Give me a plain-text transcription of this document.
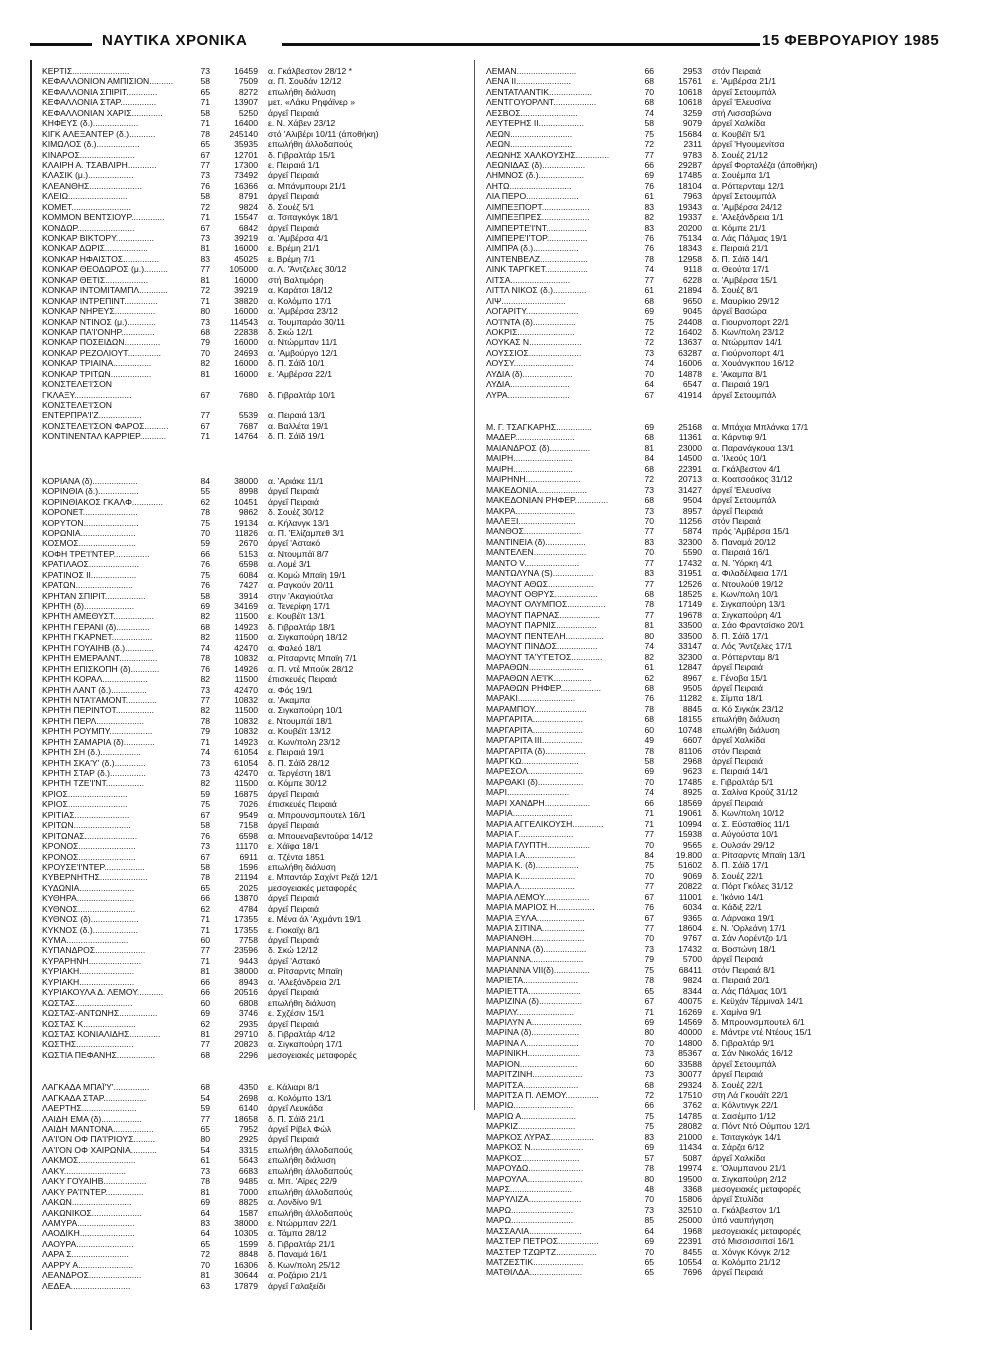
ΝΑΥΤΙΚΑ ΧΡΟΝΙΚΑ	15 ΦΕΒΡΟΥΑΡΙΟΥ 1985
ΚΕΡΤΙΣ........................	73	16459	α. Γκάλβεστον 28/12 *
ΚΕΦΑΛΛΟΝΙΟΝ ΑΜΠΙΣΙΟΝ..........	58	7509	α. Π. Σουδάν 12/12
ΚΕΦΑΛΛΟΝΙΑ ΣΠΙΡΙΤ.............	65	8272	επωλήθη διάλυση
ΚΕΦΑΛΛΟΝΙΑ ΣΤΑΡ...............	71	13907	μετ. «Λάκυ Ρηφάϊνερ »
ΚΕΦΑΛΛΟΝΙΑΝ ΧΑΡΙΣ.............	58	5250	άργεΐ Πειραιά
ΚΗΦΕΥΣ (δ.)...................	71	16400	ε. Ν. Χάβεν 23/12
ΚΙΓΚ ΑΛΕΞΑΝΤΕΡ (δ.)...........	78	245140	στό 'Αλιβέρι 10/11 (άποθήκη)
ΚΙΜΩΛΟΣ (δ.)..................	65	35935	επωλήθη άλλοδαπούς
ΚΙΝΑΡΟΣ.......................	67	12701	δ. Γιβραλτάρ 15/1
ΚΛΑΙΡΗ Α. ΤΣΑΒΛΙΡΗ............	77	17300	ε. Πειραιά 1/1
ΚΛΑΣΙΚ (μ.)...................	73	73492	άργεΐ Πειραιά
ΚΛΕΑΝΘΗΣ......................	76	16366	α. Μπάνμπουρι 21/1
ΚΛΕΙΩ.........................	58	8791	άργεΐ Πειραιά
ΚΟΜΕΤ.........................	72	9824	δ. Σουέζ 5/1
ΚΟΜΜΟΝ ΒΕΝΤΣΙΟΥΡ..............	71	15547	α. Τσιταγκόγκ 18/1
ΚΟΝΔΩΡ........................	67	6842	άργεΐ Πειραιά
ΚΟΝΚΑΡ ΒΙΚΤΟΡΥ................	73	39219	α. 'Αμβέρσα 4/1
ΚΟΝΚΑΡ ΔΩΡΙΣ..................	81	16000	ε. Βρέμη 21/1
ΚΟΝΚΑΡ ΗΦΑΙΣΤΟΣ...............	83	45025	ε. Βρέμη 7/1
ΚΟΝΚΑΡ ΘΕΟΔΩΡΟΣ (μ.)..........	77	105000	α. Λ. 'Άντζελες 30/12
ΚΟΝΚΑΡ ΘΕΤΙΣ..................	81	16000	στή Βαλτιμόρη
ΚΟΝΚΑΡ ΙΝΤΟΜΙΤΑΜΠΛ............	72	39219	α. Καράτσι 18/12
ΚΟΝΚΑΡ ΙΝΤΡΕΠΙΝΤ..............	71	38820	α. Κολόμπο 17/1
ΚΟΝΚΑΡ ΝΗΡΕΥΣ.................	80	16000	α. 'Αμβέρσα 23/12
ΚΟΝΚΑΡ ΝΤΙΝΟΣ (μ.)............	73	114543	α. Τουμπαράο 30/11
ΚΟΝΚΑΡ ΠΑ'Ι'ΟΝΗΡ..............	68	22838	δ. Σκώ 12/1
ΚΟΝΚΑΡ ΠΟΣΕΙΔΩΝ...............	79	16000	α. Ντώρμπαν 11/1
ΚΟΝΚΑΡ ΡΕΖΟΛΙΟΥΤ..............	70	24693	α. 'Αμβούργο 12/1
ΚΟΝΚΑΡ ΤΡΙΑΙΝΑ................	82	16000	δ. Π. Σάϊδ 10/1
ΚΟΝΚΑΡ ΤΡΙΤΩΝ.................	81	16000	ε. 'Αμβέρσα 22/1
ΚΟΝΣΤΕΛΕ'Ι'ΣΟΝ
ΓΚΛΑΞΥ........................	67	7680	δ. Γιβραλτάρ 10/1
ΚΟΝΣΤΕΛΕ'Ι'ΣΟΝ
ΕΝΤΕΡΠΡΑ'Ι'Ζ..................	77	5539	α. Πειραιά 13/1
ΚΟΝΣΤΕΛΕ'Ι'ΣΟΝ ΦΑΡΟΣ..........	67	7687	α. Βαλλέτα 19/1
ΚΟΝΤΙΝΕΝΤΑΛ ΚΑΡΡΙΕΡ...........	71	14764	δ. Π. Σάϊδ 19/1
ΚΟΡΙΑΝΑ (δ)...................	84	38000	α. 'Αριάκε 11/1
ΚΟΡΙΝΘΙΑ (δ.).................	55	8998	άργεΐ Πειραιά
ΚΟΡΙΝΘΙΑΚΟΣ ΓΚΑΛΦ.............	62	10451	άργεΐ Πειραιά
ΚΟΡΟΝΕΤ.......................	78	9862	δ. Σουέζ 30/12
ΚΟΡΥΤΟΝ.......................	75	19134	α. Κήλανγκ 13/1
ΚΟΡΩΝΙΑ.......................	70	11826	α. Π. 'Ελίζαμπεθ 3/1
ΚΟΣΜΟΣ........................	59	2670	άργεΐ 'Αστακό
ΚΟΦΗ ΤΡΕ'Ι'ΝΤΕΡ...............	66	5153	α. Ντουμπάϊ 8/7
ΚΡΑΤΙΛΑΟΣ.....................	76	6598	α. Λομέ 3/1
ΚΡΑΤΙΝΟΣ ΙΙ...................	75	6084	α. Κομώ Μπαϊη 19/1
ΚΡΑΤΩΝ........................	76	7427	α. Ραγκούν 20/11
ΚΡΗΤΑΝ ΣΠΙΡΙΤ.................	58	3914	στην 'Ακαγιούτλα
ΚΡΗΤΗ (δ).....................	69	34169	α. Τενερίφη 17/1
ΚΡΗΤΗ ΑΜΕΘΥΣΤ.................	82	11500	ε. Κουβέϊτ 13/1
ΚΡΗΤΗ ΓΕΡΑΝΙ (δ)..............	68	14923	δ. Γιβραλτάρ 18/1
ΚΡΗΤΗ ΓΚΑΡΝΕΤ.................	82	11500	α. Σιγκαπούρη 18/12
ΚΡΗΤΗ ΓΟΥΑΙΗΒ (δ.)............	74	42470	α. Φαλεό 18/1
ΚΡΗΤΗ ΕΜΕΡΑΛΝΤ................	78	10832	α. Ρίτσαρντς Μπαϊη 7/1
ΚΡΗΤΗ ΕΠΙΣΚΟΠΗ (δ)............	76	14926	α. Π. ντέ Μπούκ 28/12
ΚΡΗΤΗ ΚΟΡΑΛ...................	82	11500	έπισκευές Πειραιά
ΚΡΗΤΗ ΛΑΝΤ (δ.)...............	73	42470	α. Φός 19/1
ΚΡΗΤΗ ΝΤΑ'Ι'ΑΜΟΝΤ.............	77	10832	α. 'Ακαμπα
ΚΡΗΤΗ ΠΕΡΙΝΤΟΤ................	82	11500	α. Σιγκαπούρη 10/1
ΚΡΗΤΗ ΠΕΡΛ....................	78	10832	ε. Ντουμπάϊ 18/1
ΚΡΗΤΗ ΡΟΥΜΠΥ..................	79	10832	α. Κουβέϊτ 13/12
ΚΡΗΤΗ ΣΑΜΑΡΙΑ (δ).............	71	14923	α. Κων/πολη 23/12
ΚΡΗΤΗ ΣΗ (δ.).................	74	61054	ε. Πειραιά 19/1
ΚΡΗΤΗ ΣΚΑ'Υ' (δ.).............	73	61054	δ. Π. Σάϊδ 28/12
ΚΡΗΤΗ ΣΤΑΡ (δ.)...............	73	42470	α. Τεργέστη 18/1
ΚΡΗΤΗ ΤΖΕ'Ι'ΝΤ................	82	11500	α. Κόμπε 30/12
ΚΡΙΟΣ.........................	59	16875	άργεΐ Πειραιά
ΚΡΙΟΣ.........................	75	7026	έπισκευές Πειραιά
ΚΡΙΤΙΑΣ.......................	67	9549	α. Μπρουνσμπουτελ 16/1
ΚΡΙΤΩΝ........................	58	7158	άργεΐ Πειραιά
ΚΡΙΤΩΝΑΣ......................	76	6598	α. Μπουεναβεντούρα 14/12
ΚΡΟΝΟΣ........................	73	11170	ε. Χάϊφα 18/1
ΚΡΟΝΟΣ........................	67	6911	α. Τζέντα 1851
ΚΡΟΥΣΕ'Ι'ΝΤΕΡ.................	58	1596	επωλήθη διάλυση
ΚΥΒΕΡΝΗΤΗΣ....................	78	21194	ε. Μπαντάρ Σαχίντ Ρεζά 12/1
ΚΥΔΩΝΙΑ.......................	65	2025	μεσογειακές μεταφορές
ΚΥΘΗΡΑ........................	66	13870	άργεΐ Πειραιά
ΚΥΘΝΟΣ........................	62	4784	άργεΐ Πειραιά
ΚΥΘΝΟΣ (δ)....................	71	17355	ε. Μένα άλ 'Αχμάντι 19/1
ΚΥΚΝΟΣ (δ.)...................	71	17355	ε. Γιοκαϊχι 8/1
ΚΥΜΑ..........................	60	7758	άργεΐ Πειραιά
ΚΥΠΑΝΔΡΟΣ.....................	77	23596	δ. Σκώ 12/12
ΚΥΡΑΡΗΝΗ......................	71	9443	άργεΐ 'Αστακό
ΚΥΡΙΑΚΗ.......................	81	38000	α. Ρίτσαρντς Μπαϊη
ΚΥΡΙΑΚΗ.......................	66	8943	α. 'Αλεξάνδρεια 2/1
ΚΥΡΙΑΚΟΥΛΑ Δ. ΛΕΜΟΥ...........	66	20516	άργεΐ Πειραιά
ΚΩΣΤΑΣ........................	60	6808	επωλήθη διάλυση
ΚΩΣΤΑΣ-ΑΝΤΩΝΗΣ................	69	3746	ε. Σχζέσιν 15/1
ΚΩΣΤΑΣ Κ......................	62	2935	άργεΐ Πειραιά
ΚΩΣΤΑΣ ΚΟΝΙΑΛΙΔΗΣ.............	81	29710	δ. Γιβραλτάρ 4/12
ΚΩΣΤΗΣ........................	77	20823	α. Σιγκαπούρη 17/1
ΚΩΣΤΙΑ ΠΕΦΑΝΗΣ................	68	2296	μεσογειακές μεταφορές
ΛΑΓΚΑΔΑ ΜΠΑΪ'Υ'...............	68	4350	ε. Κάλιαρι 8/1
ΛΑΓΚΑΔΑ ΣΤΑΡ..................	54	2698	α. Κολόμπο 13/1
ΛΑΕΡΤΗΣ.......................	59	6140	άργεΐ Λευκάδα
ΛΑΙΔΗ ΕΜΑ (δ).................	77	18658	δ. Π. Σάϊδ 21/1
ΛΑΙΔΗ ΜΑΝΤΟΝΑ.................	65	7952	άργεΐ Ρίβελ Φώλ
ΛΑ'Ι'ΟΝ ΟΦ ΠΑ'Ι'ΡΙΟΥΣ.........	80	2925	άργεΐ Πειραιά
ΛΑ'Ι'ΟΝ ΟΦ ΧΑΙΡΩΝΙΑ...........	54	3315	επωλήθη άλλοδαπούς
ΛΑΚΜΟΣ........................	61	5643	επωλήθη διάλυση
ΛΑΚΥ..........................	73	6683	επωλήθη άλλοδαπούς
ΛΑΚΥ ΓΟΥΑΙΗΒ..................	78	9485	α. Μπ. 'Αϊρες 22/9
ΛΑΚΥ ΡΑ'Ι'ΝΤΕΡ................	81	7000	επωλήθη άλλοδαπούς
ΛΑΚΩΝ.........................	69	8825	α. Λονδίνο 9/1
ΛΑΚΩΝΙΚΟΣ.....................	64	1587	επωλήθη άλλοδαπούς
ΛΑΜΥΡΑ........................	83	38000	ε. Ντώρμπαν 22/1
ΛΑΟΔΙΚΗ.......................	64	10305	α. Τάμπα 28/12
ΛΑΟΥΡΑ........................	65	1599	δ. Γιβραλτάρ 21/1
ΛΑΡΑ Σ........................	72	8848	δ. Παναμά 16/1
ΛΑΡΡΥ Α.......................	70	16306	δ. Κων/πολη 25/12
ΛΕΑΝΔΡΟΣ......................	81	30644	α. Ροζάριο 21/1
ΛΕΔΕΑ.........................	63	17879	άργεΐ Γαλαξείδι
ΛΕΜΑΝ.........................	66	2953	στόν Πειραιά
ΛΕΝΑ ΙΙ.......................	68	15761	ε. 'Αμβέρσα 21/1
ΛΕΝΤΑΤΛΑΝΤΙΚ..................	70	10618	άργεΐ Σετουμπάλ
ΛΕΝΤΓΟΥΟΡΛΝΤ..................	68	10618	άργεΐ 'Ελευσίνα
ΛΕΣΒΟΣ........................	74	3259	στή Λισσαβώνα
ΛΕΥΤΕΡΗΣ ΙΙ...................	58	9079	άργεΐ Χαλκίδα
ΛΕΩΝ..........................	75	15684	α. Κουβέϊτ 5/1
ΛΕΩΝ..........................	72	2311	άργεΐ 'Ηγουμενίτσα
ΛΕΩΝΗΣ ΧΑΛΚΟΥΣΗΣ..............	77	9783	δ. Σουέζ 21/12
ΛΕΩΝΙΔΑΣ (δ)..................	66	29287	άργεΐ Φορταλέζα (άποθήκη)
ΛΗΜΝΟΣ (δ.)...................	69	17485	α. Σουέμπα 1/1
ΛΗΤΩ..........................	76	18104	α. Ρόττερνταμ 12/1
ΛΙΑ ΠΕΡΟ......................	61	7963	άργεΐ Σετουμπάλ
ΛΙΜΠΕΞΠΟΡΤ....................	83	19343	α. 'Αμβέρσα 24/12
ΛΙΜΠΕΞΠΡΕΣ....................	82	19337	ε. 'Αλεξάνδρεια 1/1
ΛΙΜΠΕΡΤΕ'Ι'ΝΤ.................	83	20200	α. Κόμπε 21/1
ΛΙΜΠΕΡΕ'Ι'ΤΟΡ.................	76	75134	α. Λάς Πάλμας 19/1
ΛΙΜΠΡΑ (δ.)...................	76	18343	ε. Πειραιά 21/1
ΛΙΝΤΕΝΒΕΛΖ....................	78	12958	δ. Π. Σάϊδ 14/1
ΛΙΝΚ ΤΑΡΓΚΕΤ..................	74	9118	α. Θεούτα 17/1
ΛΙΤΣΑ.........................	77	6228	α. 'Αμβέρσα 15/1
ΛΙΤΤΛ ΝΙΚΟΣ (δ.)..............	61	21894	δ. Σουέζ 8/1
ΛΙΨ...........................	68	9650	ε. Μαυρίκιο 29/12
ΛΟΓΑΡΙΤΥ......................	69	9045	άργεΐ Βασώρα
ΛΟ'Ι'ΝΤΑ (δ)..................	75	24408	α. Γιουρνοπορτ 22/1
ΛΟΚΡΙΣ........................	72	16402	δ. Κων/πολη 23/12
ΛΟΥΚΑΣ Ν......................	72	13637	α. Ντώρμπαν 14/1
ΛΟΥΣΣΙΟΣ......................	73	63287	α. Γιούρνοπορτ 4/1
ΛΟΥΣΥ.........................	74	16006	α. Χουάνγκπου 16/12
ΛΥΔΙΑ (δ).....................	70	14878	ε. 'Ακαμπα 8/1
ΛΥΔΙΑ.........................	64	6547	α. Πειραιά 19/1
ΛΥΡΑ..........................	67	41914	άργεΐ Σετουμπάλ
Μ. Γ. ΤΣΑΓΚΑΡΗΣ...............	69	25168	α. Μπάχια Μπλάνκα 17/1
ΜΑΔΕΡ.........................	68	11361	α. Κάρντιφ 9/1
ΜΑΙΑΝΔΡΟΣ (δ).................	81	23000	α. Παρανάγκουα 13/1
ΜΑΙΡΗ.........................	84	14500	α. 'Ιλεούς 10/1
ΜΑΙΡΗ.........................	68	22391	α. Γκάλβεστον 4/1
ΜΑΙΡΗΝΗ.......................	72	20713	α. Κοατσοάκος 31/12
ΜΑΚΕΔΟΝΙΑ.....................	73	31427	άργεΐ 'Ελευσίνα
ΜΑΚΕΔΟΝΙΑΝ ΡΗΦΕΡ..............	68	9504	άργεΐ Σετουμπάλ
ΜΑΚΡΑ.........................	73	8957	άργεΐ Πειραιά
ΜΑΛΕΞΙ........................	70	11256	στόν Πειραιά
ΜΑΝΘΟΣ........................	77	5874	πρός 'Αμβέρσα 15/1
ΜΑΝΤΙΝΕΙΑ (δ).................	83	32300	δ. Παναμά 20/12
ΜΑΝΤΕΛΕΝ......................	70	5590	α. Πειραιά 16/1
ΜΑΝΤΟ V.......................	77	17432	α. Ν. 'Υόρκη 4/1
ΜΑΝΤΩΛΥΝΑ (S).................	83	31951	α. Φιλαδέλφεια 17/1
ΜΑΟΥΝΤ ΑΘΩΣ...................	77	12526	α. Ντουλούθ 19/12
ΜΑΟΥΝΤ ΟΘΡΥΣ..................	68	18525	ε. Κων/πολη 10/1
ΜΑΟΥΝΤ ΟΛΥΜΠΟΣ................	78	17149	ε. Σιγκαπούρη 13/1
ΜΑΟΥΝΤ ΠΑΡΝΑΣ.................	77	19678	α. Σιγκαπούρη 4/1
ΜΑΟΥΝΤ ΠΑΡΝΙΣ.................	81	33500	α. Σάο Φραντσίσκο 20/1
ΜΑΟΥΝΤ ΠΕΝΤΕΛΗ................	80	33500	δ. Π. Σάϊδ 17/1
ΜΑΟΥΝΤ ΠΙΝΔΟΣ.................	74	33147	α. Λός 'Άντζελες 17/1
ΜΑΟΥΝΤ ΤΑ'Υ'ΓΕΤΟΣ.............	82	32300	α. Ρόττερνταμ 8/1
ΜΑΡΑΘΩΝ.......................	61	12847	άργεΐ Πειραιά
ΜΑΡΑΘΩΝ ΛΕ'Ι'Κ................	62	8967	ε. Γένοβα 15/1
ΜΑΡΑΘΩΝ ΡΗΦΕΡ.................	68	9505	άργεΐ Πειραιά
ΜΑΡΑΚΙ........................	76	11282	ε. Σίμπα 18/1
ΜΑΡΑΜΠΟΥ......................	78	8845	α. Κό Σιγκάκ 23/12
ΜΑΡΓΑΡΙΤΑ.....................	68	18155	επωλήθη διάλυση
ΜΑΡΓΑΡΙΤΑ.....................	60	10748	επωλήθη διάλυση
ΜΑΡΓΑΡΙΤΑ ΙΙΙ.................	49	6607	άργεΐ Χαλκίδα
ΜΑΡΓΑΡΙΤΑ (δ).................	78	81106	στόν Πειραιά
ΜΑΡΓΚΩ........................	58	2968	άργεΐ Πειραιά
ΜΑΡΕΣΟΛ.......................	69	9623	ε. Πειραιά 14/1
ΜΑΡΘΑΚΙ (δ)...................	70	17485	ε. Γιβραλτάρ 5/1
ΜΑΡΙ..........................	74	8925	α. Σαλίνα Κρούζ 31/12
ΜΑΡΙ ΧΑΝΔΡΗ...................	66	18569	άργεΐ Πειραιά
ΜΑΡΙΑ.........................	71	19061	δ. Κων/πολη 10/12
ΜΑΡΙΑ ΑΓΓΕΛΙΚΟΥΣΗ.............	71	10994	α. Σ. Εύσταθίος 11/1
ΜΑΡΙΑ Γ.......................	77	15938	α. Αύγούστα 10/1
ΜΑΡΙΑ ΓΛΥΠΤΗ..................	70	9565	ε. Ουλσάν 29/12
ΜΑΡΙΑ Ι.Α.....................	84	19.800	α. Ρίτσαρντς Μπαϊη 13/1
ΜΑΡΙΑ Κ. (δ)..................	75	51602	δ. Π. Σάϊδ 17/1
ΜΑΡΙΑ Κ.......................	70	9069	δ. Σουέζ 22/1
ΜΑΡΙΑ Λ.......................	77	20822	α. Πόρτ Γκόλες 31/12
ΜΑΡΙΑ ΛΕΜΟΥ...................	67	11001	ε. 'Ικόνιο 14/1
ΜΑΡΙΑ ΜΑΡΙΟΣ Η................	76	6034	α. Κάδιξ 22/1
ΜΑΡΙΑ ΞΥΛΑ....................	67	9365	α. Λάρνακα 19/1
ΜΑΡΙΑ ΣΙΤΙΝΑ..................	77	18604	ε. Ν. 'Ορλεάνη 17/1
ΜΑΡΙΑΝΘΗ......................	70	9767	α. Σάν Λορέντζο 1/1
ΜΑΡΙΑΝΝΑ (δ)..................	73	17432	α. Βοστώνη 18/1
ΜΑΡΙΑΝΝΑ......................	79	5700	άργεΐ Πειραιά
ΜΑΡΙΑΝΝΑ VII(δ)...............	75	68411	στόν Πειραιά 8/1
ΜΑΡΙΕΤΑ.......................	78	9824	α. Πειραιά 20/1
ΜΑΡΙΕΤΤΑ......................	65	8344	α. Λάς Πάλμας 10/1
ΜΑΡΙΖΙΝΑ (δ)..................	67	40075	ε. Κεϋχάν Τέρμιναλ 14/1
ΜΑΡΙΛΥ........................	71	16269	ε. Χαμίνα 9/1
ΜΑΡΙΛΥΝ Α.....................	69	14569	δ. Μπρουνσμπουτελ 6/1
ΜΑΡΙΝΑ (δ)....................	80	40000	ε. Μάντρε ντέ Ντέους 15/1
ΜΑΡΙΝΑ Λ......................	70	14800	δ. Γιβραλτάρ 9/1
ΜΑΡΙΝΙΚΗ......................	73	85367	α. Σάν Νικολάς 16/12
ΜΑΡΙΟΝ........................	60	33588	άργεΐ Σετουμπάλ
ΜΑΡΙΤΖΙΝΗ.....................	73	30077	άργεΐ Πειραιά
ΜΑΡΙΤΣΑ.......................	68	29324	δ. Σουέζ 22/1
ΜΑΡΙΤΣΑ Π. ΛΕΜΟΥ..............	72	17510	στη Λά Γκουάϊτ 22/1
ΜΑΡΙΩ.........................	66	3762	α. Κόλντινγκ 22/1
ΜΑΡΙΩ Α.......................	75	14785	α. Σασέμπο 1/12
ΜΑΡΚΙΖ........................	75	28082	α. Πόντ Ντό Ούμπου 12/1
ΜΑΡΚΟΣ ΛΥΡΑΣ..................	83	21000	ε. Τσιταγκόγκ 14/1
ΜΑΡΚΟΣ Ν......................	69	11434	α. Σάρζα 6/12
ΜΑΡΚΟΣ........................	57	5087	άργεΐ Χαλκίδα
ΜΑΡΟΥΔΩ.......................	78	19974	ε. 'Ολυμπανου 21/1
ΜΑΡΟΥΛΑ.......................	80	19500	α. Σιγκαπούρη 2/12
ΜΑΡΣ..........................	48	3368	μεσογειακές μεταφορές
ΜΑΡΥΛΙΖΑ......................	70	15806	άργεΐ Στυλίδα
ΜΑΡΩ..........................	73	32510	α. Γκάλβεστον 1/1
ΜΑΡΩ..........................	85	25000	ύπό ναυπήγηση
ΜΑΣΣΑΛΙΑ......................	64	1968	μεσογειακές μεταφορές
ΜΑΣΤΕΡ ΠΕΤΡΟΣ.................	69	22391	στό Μισσισσιπσί 16/1
ΜΑΣΤΕΡ ΤΖΩΡΤΖ.................	70	8455	α. Χόνγκ Κόνγκ 2/12
ΜΑΤΖΕΣΤΙΚ.....................	65	10554	α. Κολόμπο 21/12
ΜΑΤΘΙΛΔΑ......................	65	7696	άργεΐ Πειραιά
